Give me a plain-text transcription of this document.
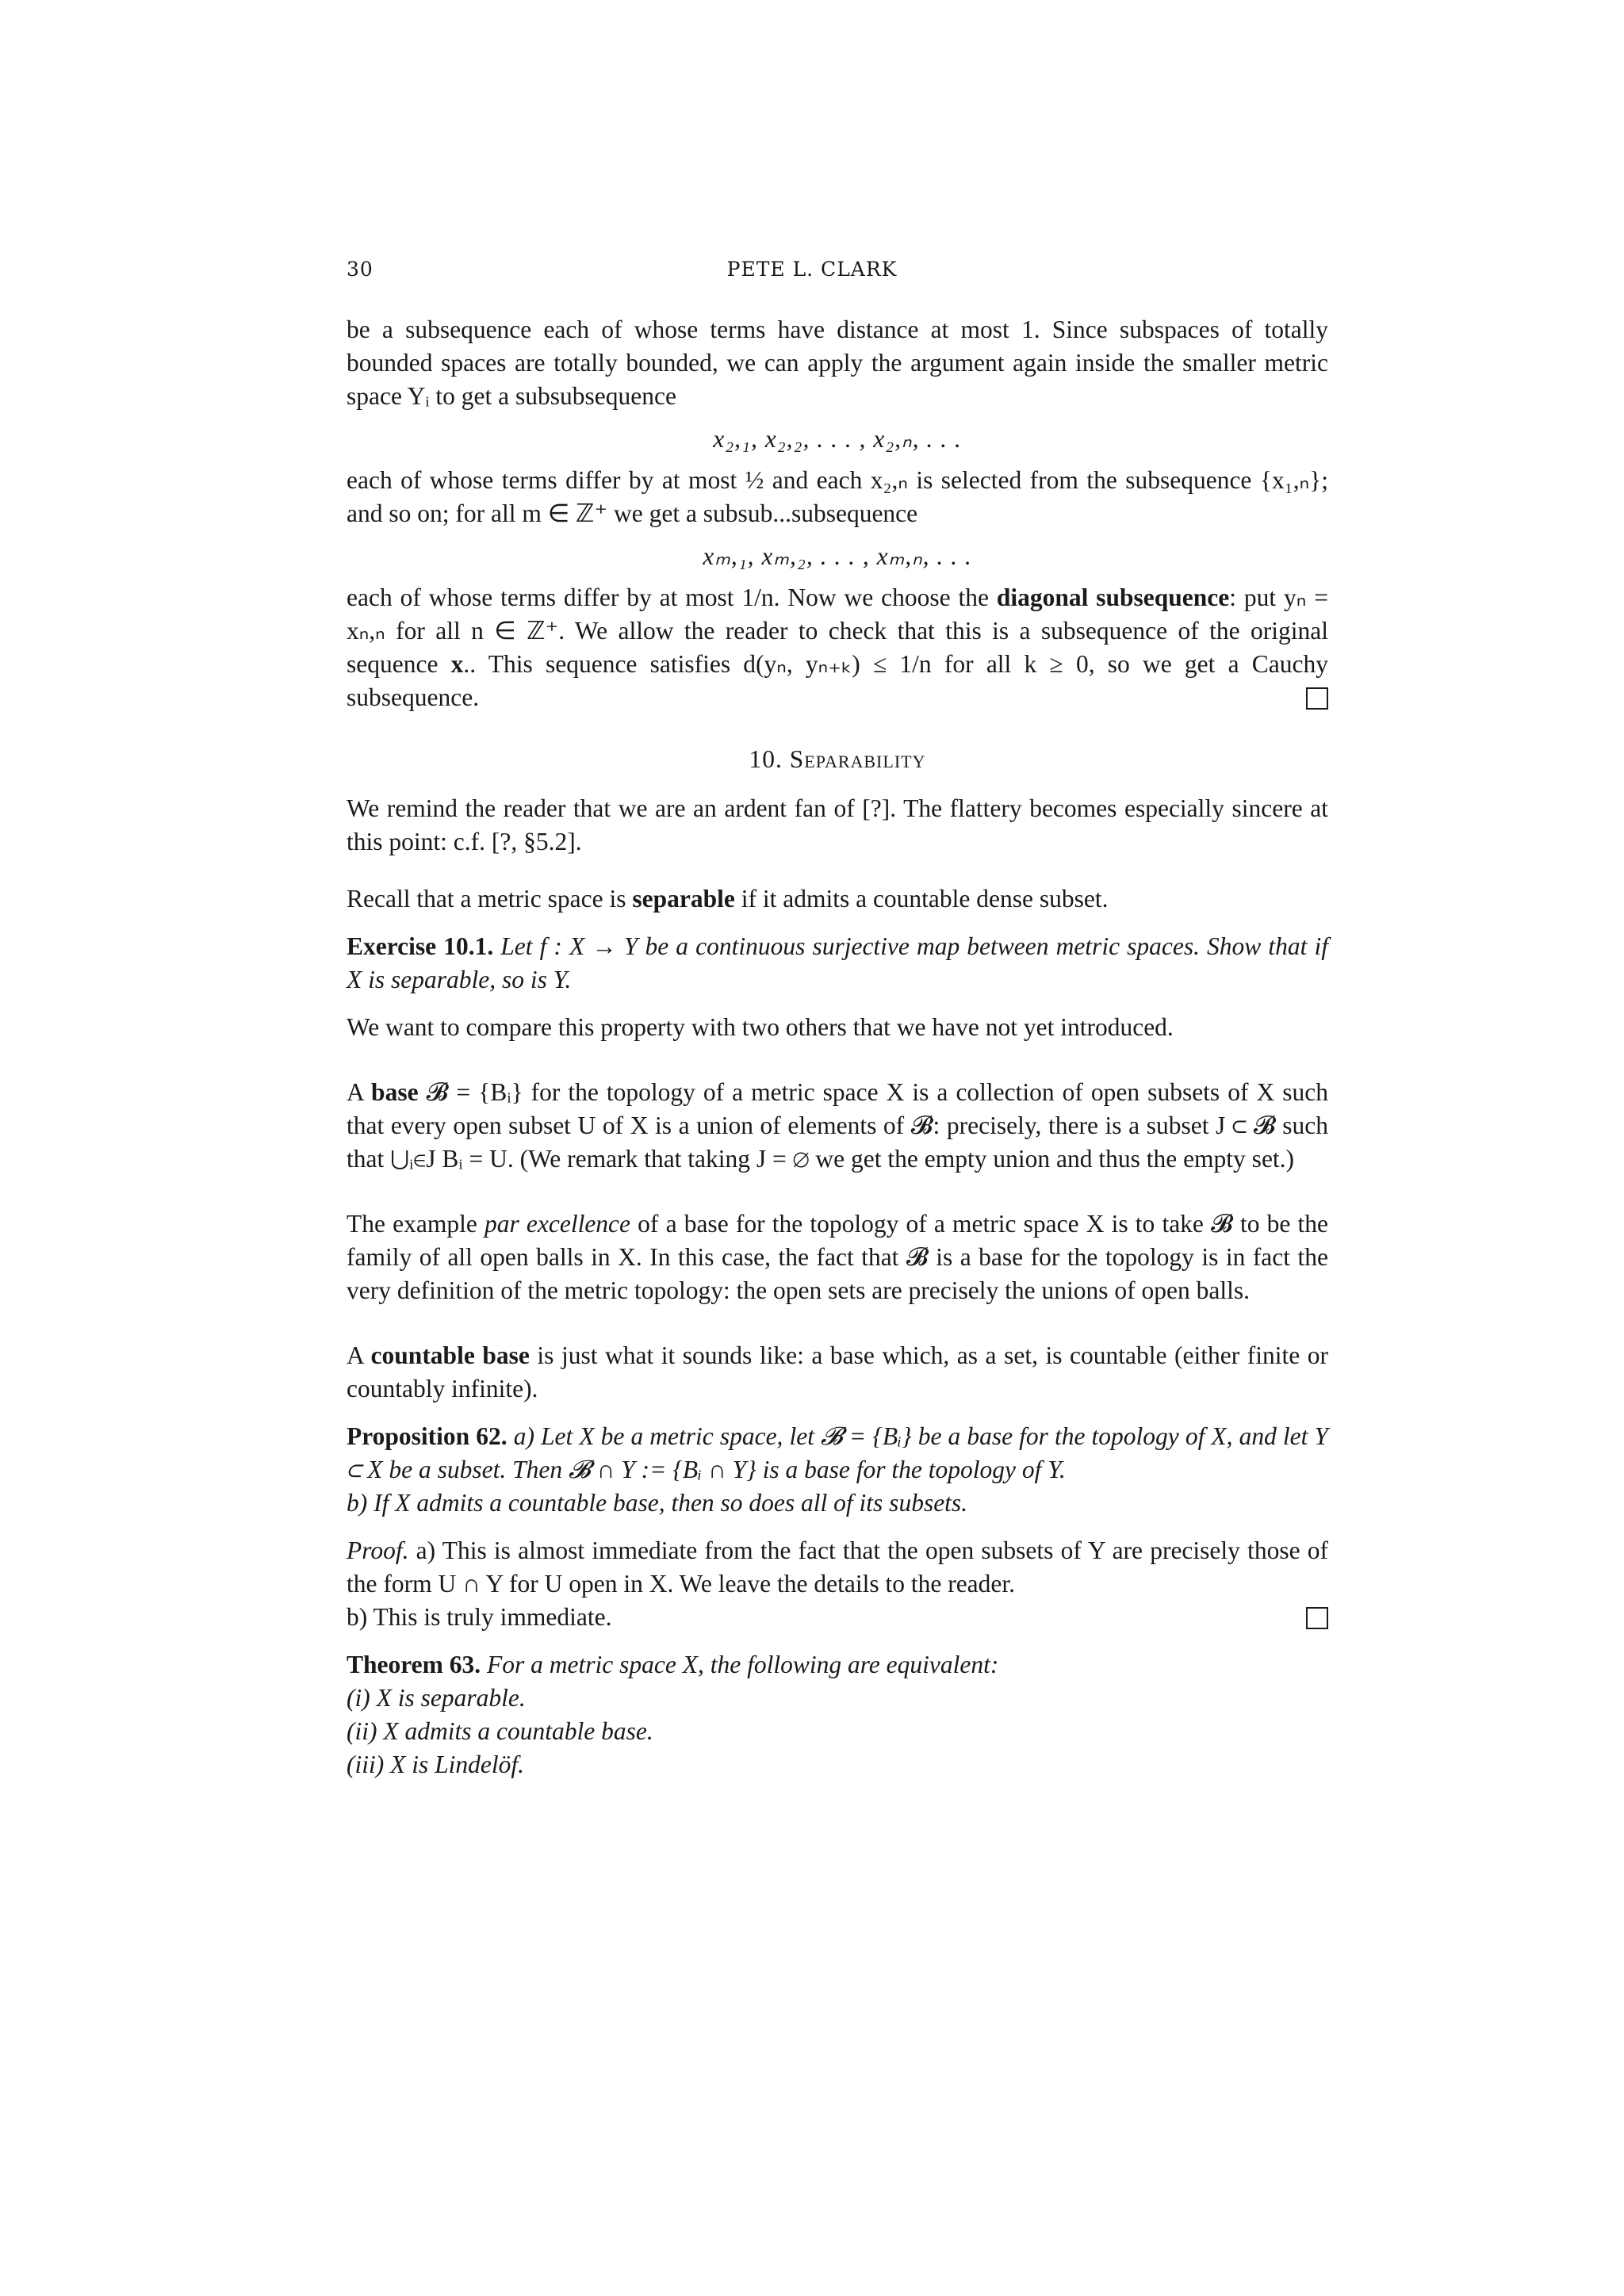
30	PETE L. CLARK

be a subsequence each of whose terms have distance at most 1. Since subspaces of totally bounded spaces are totally bounded, we can apply the argument again inside the smaller metric space Yᵢ to get a subsubsequence

x₂,₁, x₂,₂, . . . , x₂,ₙ, . . .

each of whose terms differ by at most ½ and each x₂,ₙ is selected from the subsequence {x₁,ₙ}; and so on; for all m ∈ ℤ⁺ we get a subsub...subsequence

xₘ,₁, xₘ,₂, . . . , xₘ,ₙ, . . .

each of whose terms differ by at most 1/n. Now we choose the diagonal subsequence: put yₙ = xₙ,ₙ for all n ∈ ℤ⁺. We allow the reader to check that this is a subsequence of the original sequence x.. This sequence satisfies d(yₙ, yₙ₊ₖ) ≤ 1/n for all k ≥ 0, so we get a Cauchy subsequence.

10. Separability

We remind the reader that we are an ardent fan of [?]. The flattery becomes especially sincere at this point: c.f. [?, §5.2].

Recall that a metric space is separable if it admits a countable dense subset.

Exercise 10.1. Let f : X → Y be a continuous surjective map between metric spaces. Show that if X is separable, so is Y.

We want to compare this property with two others that we have not yet introduced.

A base 𝓑 = {Bᵢ} for the topology of a metric space X is a collection of open subsets of X such that every open subset U of X is a union of elements of 𝓑: precisely, there is a subset J ⊂ 𝓑 such that ⋃ᵢ∈J Bᵢ = U. (We remark that taking J = ∅ we get the empty union and thus the empty set.)

The example par excellence of a base for the topology of a metric space X is to take 𝓑 to be the family of all open balls in X. In this case, the fact that 𝓑 is a base for the topology is in fact the very definition of the metric topology: the open sets are precisely the unions of open balls.

A countable base is just what it sounds like: a base which, as a set, is countable (either finite or countably infinite).

Proposition 62. a) Let X be a metric space, let 𝓑 = {Bᵢ} be a base for the topology of X, and let Y ⊂ X be a subset. Then 𝓑 ∩ Y := {Bᵢ ∩ Y} is a base for the topology of Y.
b) If X admits a countable base, then so does all of its subsets.

Proof. a) This is almost immediate from the fact that the open subsets of Y are precisely those of the form U ∩ Y for U open in X. We leave the details to the reader.
b) This is truly immediate.

Theorem 63. For a metric space X, the following are equivalent:
(i) X is separable.
(ii) X admits a countable base.
(iii) X is Lindelöf.
